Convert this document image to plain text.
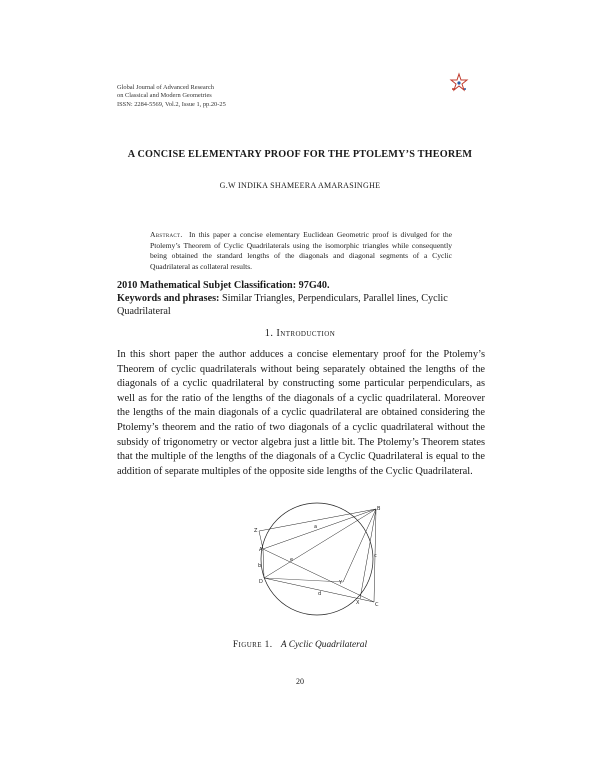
Global Journal of Advanced Research
on Classical and Modern Geometries
ISSN: 2284-5569, Vol.2, Issue 1, pp.20-25
A CONCISE ELEMENTARY PROOF FOR THE PTOLEMY’S THEOREM
G.W INDIKA SHAMEERA AMARASINGHE
Abstract. In this paper a concise elementary Euclidean Geometric proof is divulged for the Ptolemy’s Theorem of Cyclic Quadrilaterals using the isomorphic triangles while consequently being obtained the standard lengths of the diagonals and diagonal segments of a Cyclic Quadrilateral as collateral results.
2010 Mathematical Subjet Classification: 97G40.
Keywords and phrases: Similar Triangles, Perpendiculars, Parallel lines, Cyclic Quadrilateral
1. Introduction
In this short paper the author adduces a concise elementary proof for the Ptolemy’s Theorem of cyclic quadrilaterals without being separately obtained the lengths of the diagonals of a cyclic quadrilateral by constructing some particular perpendiculars, as well as for the ratio of the lengths of the diagonals of a cyclic quadrilateral. Moreover the lengths of the main diagonals of a cyclic quadrilateral are obtained considering the Ptolemy’s theorem and the ratio of two diagonals of a cyclic quadrilateral without the subsidy of trigonometry or vector algebra just a little bit. The Ptolemy’s Theorem states that the multiple of the lengths of the diagonals of a Cyclic Quadrilateral is equal to the addition of separate multiples of the opposite side lengths of the Cyclic Quadrilateral.
Z
A
b
D
B
Y
X	C
a
c
d
e
Figure 1. A Cyclic Quadrilateral
20
